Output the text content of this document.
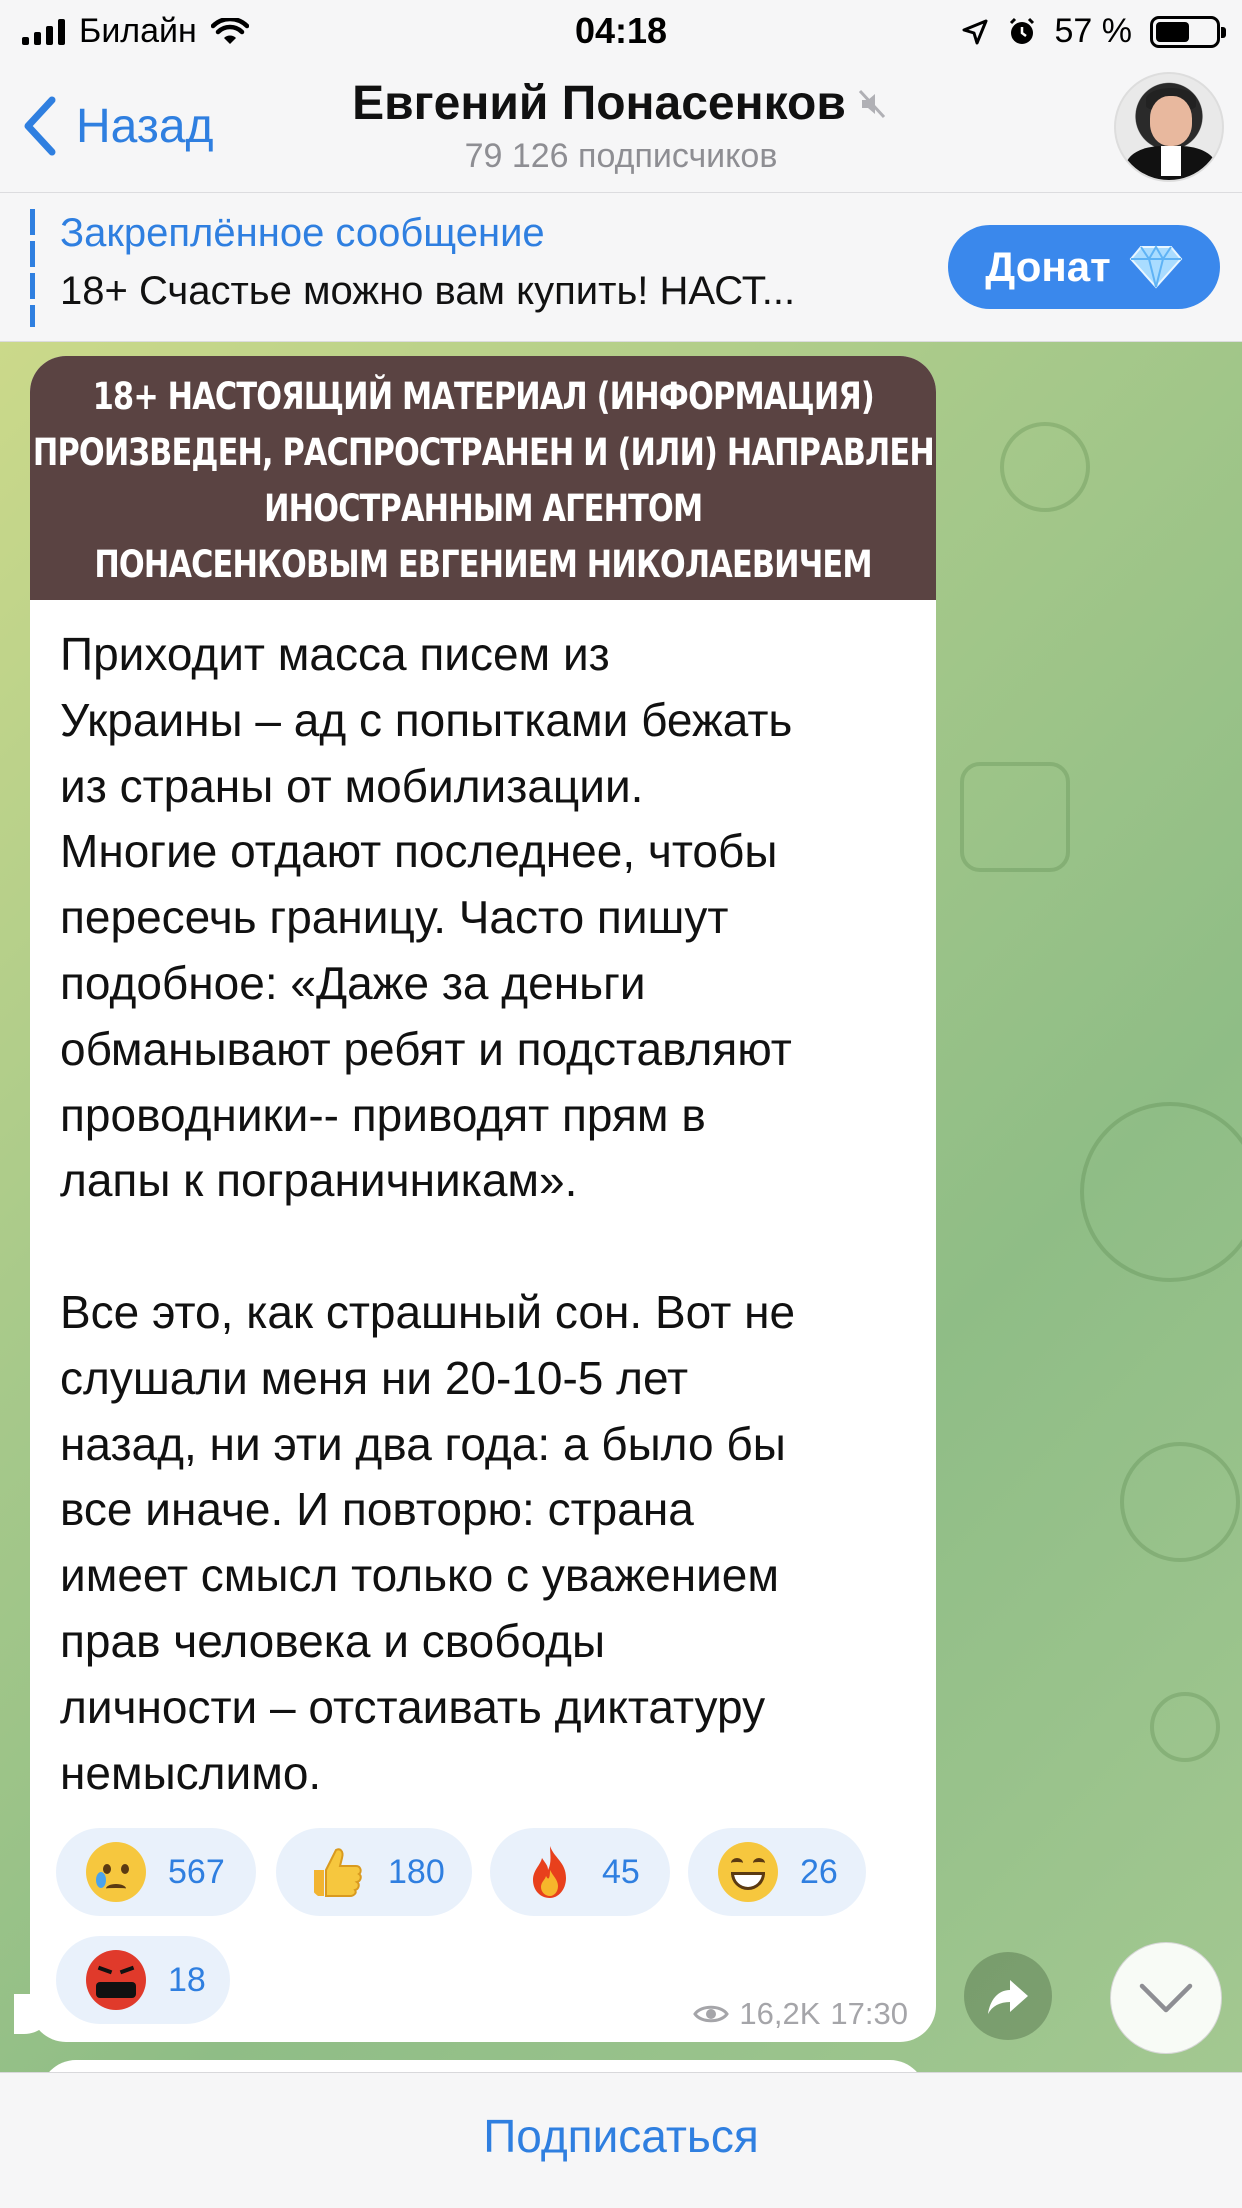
Билайн	04:18	57 %
Назад	Евгений Понасенков
79 126 подписчиков
Закреплённое сообщение
18+ Счастье можно вам купить! НАСТ...
Донат
18+ НАСТОЯЩИЙ МАТЕРИАЛ (ИНФОРМАЦИЯ)
ПРОИЗВЕДЕН, РАСПРОСТРАНЕН И (ИЛИ) НАПРАВЛЕН
ИНОСТРАННЫМ АГЕНТОМ
ПОНАСЕНКОВЫМ ЕВГЕНИЕМ НИКОЛАЕВИЧЕМ
Приходит масса писем из
Украины – ад с попытками бежать
из страны от мобилизации.
Многие отдают последнее, чтобы
пересечь границу. Часто пишут
подобное: «Даже за деньги
обманывают ребят и подставляют
проводники-- приводят прям в
лапы к пограничникам».

Все это, как страшный сон. Вот не
слушали меня ни 20-10-5 лет
назад, ни эти два года: а было бы
все иначе. И повторю: страна
имеет смысл только с уважением
прав человека и свободы
личности – отстаивать диктатуру
немыслимо.
567	180	45	26
18
16,2K 17:30
Подписаться
